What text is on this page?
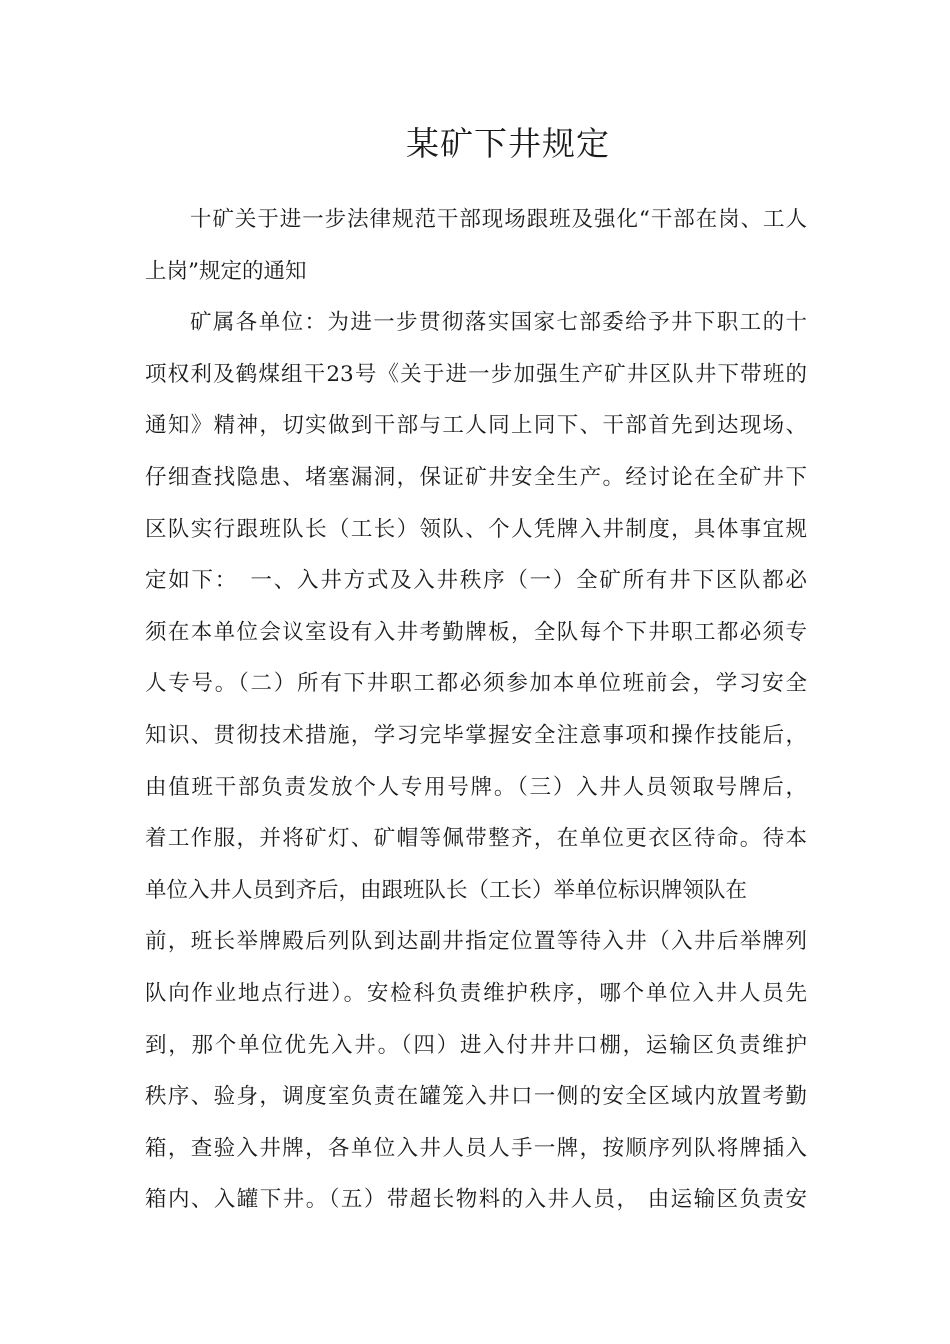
某矿下井规定
十矿关于进一步法律规范干部现场跟班及强化“干部在岗、工人
上岗”规定的通知
矿属各单位：为进一步贯彻落实国家七部委给予井下职工的十
项权利及鹤煤组干23号《关于进一步加强生产矿井区队井下带班的
通知》精神，切实做到干部与工人同上同下、干部首先到达现场、
仔细查找隐患、堵塞漏洞，保证矿井安全生产。经讨论在全矿井下
区队实行跟班队长（工长）领队、个人凭牌入井制度，具体事宜规
定如下：　一、入井方式及入井秩序（一）全矿所有井下区队都必
须在本单位会议室设有入井考勤牌板，全队每个下井职工都必须专
人专号。（二）所有下井职工都必须参加本单位班前会，学习安全
知识、贯彻技术措施，学习完毕掌握安全注意事项和操作技能后，
由值班干部负责发放个人专用号牌。（三）入井人员领取号牌后，
着工作服，并将矿灯、矿帽等佩带整齐，在单位更衣区待命。待本
单位入井人员到齐后，由跟班队长（工长）举单位标识牌领队在
前，班长举牌殿后列队到达副井指定位置等待入井（入井后举牌列
队向作业地点行进）。安检科负责维护秩序，哪个单位入井人员先
到，那个单位优先入井。（四）进入付井井口棚，运输区负责维护
秩序、验身，调度室负责在罐笼入井口一侧的安全区域内放置考勤
箱，查验入井牌，各单位入井人员人手一牌，按顺序列队将牌插入
箱内、入罐下井。（五）带超长物料的入井人员， 由运输区负责安
